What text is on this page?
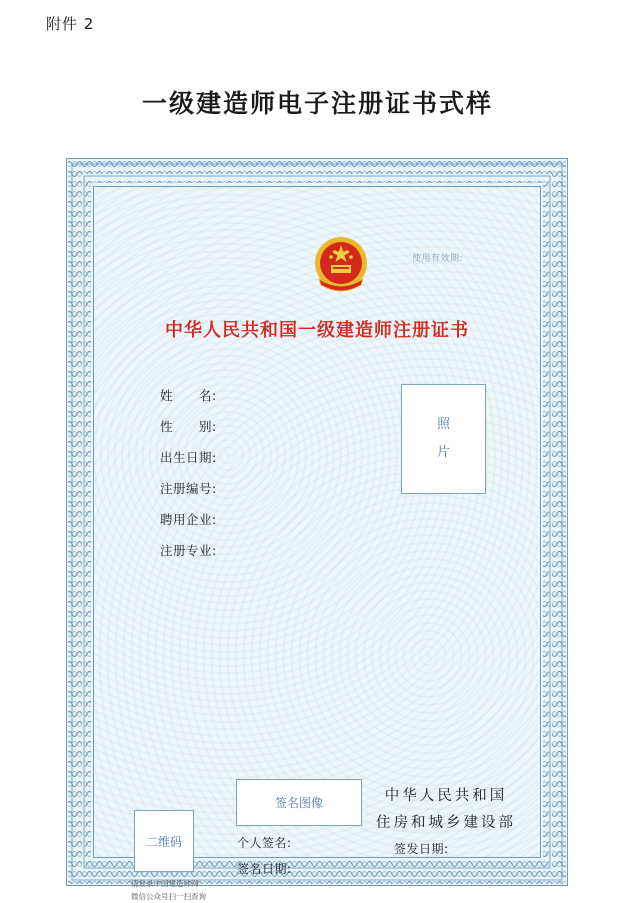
附件 2
一级建造师电子注册证书式样
使用有效期:
中华人民共和国一级建造师注册证书
姓　　名:
性　　别:
出生日期:
注册编号:
聘用企业:
注册专业:
照
片
二维码
请登录中国建造师网
微信公众号扫一扫查询
签名图像
个人签名:
签名日期:
中华人民共和国
住房和城乡建设部
签发日期:
